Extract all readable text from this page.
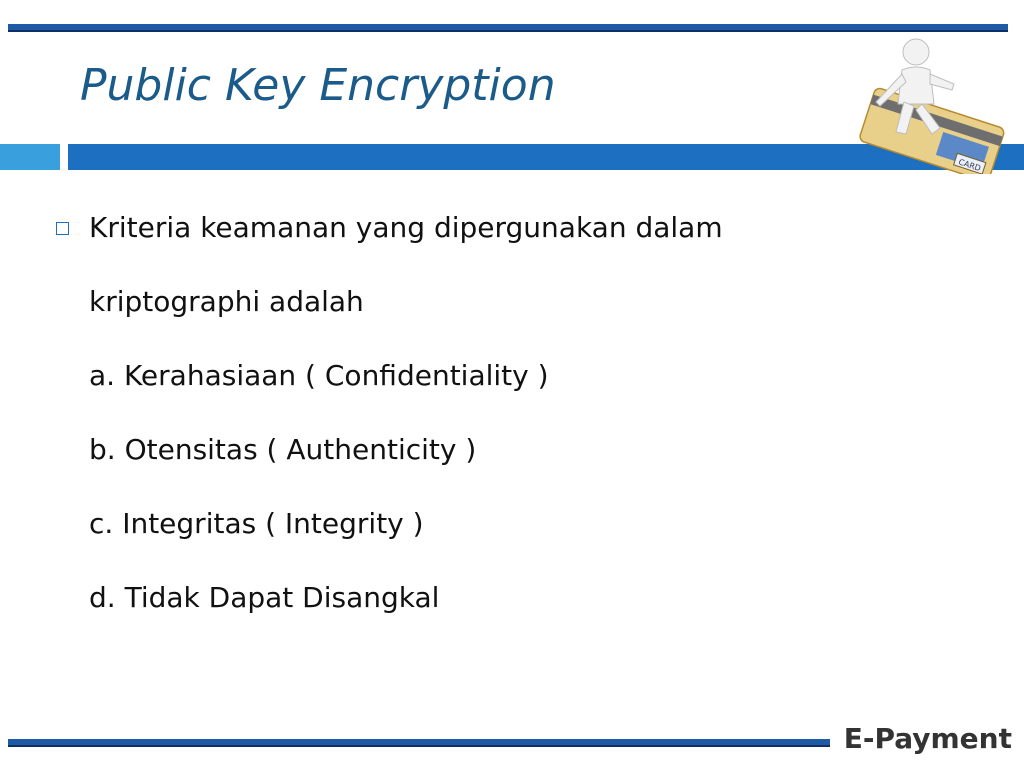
Public Key Encryption
CARD
Kriteria keamanan yang dipergunakan dalam
kriptographi adalah
a. Kerahasiaan ( Confidentiality )
b. Otensitas ( Authenticity )
c. Integritas ( Integrity )
d. Tidak Dapat Disangkal
E-Payment
